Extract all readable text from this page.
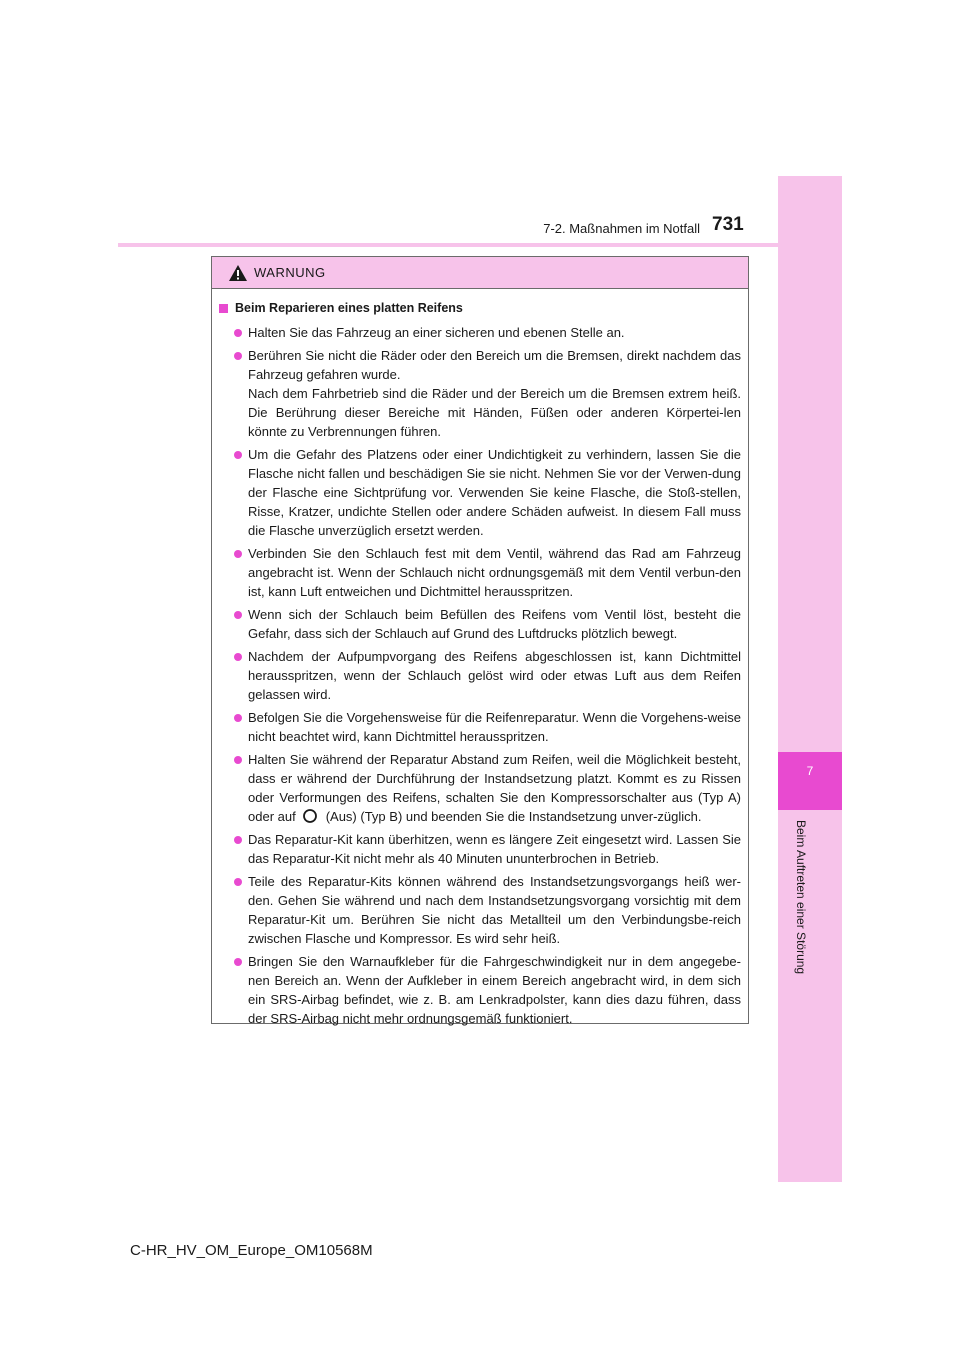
7
Beim Auftreten einer Störung
7-2. Maßnahmen im Notfall 731
WARNUNG
Beim Reparieren eines platten Reifens

Halten Sie das Fahrzeug an einer sicheren und ebenen Stelle an.

Berühren Sie nicht die Räder oder den Bereich um die Bremsen, direkt nachdem das Fahrzeug gefahren wurde.

Nach dem Fahrbetrieb sind die Räder und der Bereich um die Bremsen extrem heiß. Die Berührung dieser Bereiche mit Händen, Füßen oder anderen Körpertei-len könnte zu Verbrennungen führen.

Um die Gefahr des Platzens oder einer Undichtigkeit zu verhindern, lassen Sie die Flasche nicht fallen und beschädigen Sie sie nicht. Nehmen Sie vor der Verwen-dung der Flasche eine Sichtprüfung vor. Verwenden Sie keine Flasche, die Stoß-stellen, Risse, Kratzer, undichte Stellen oder andere Schäden aufweist. In diesem Fall muss die Flasche unverzüglich ersetzt werden.

Verbinden Sie den Schlauch fest mit dem Ventil, während das Rad am Fahrzeug angebracht ist. Wenn der Schlauch nicht ordnungsgemäß mit dem Ventil verbun-den ist, kann Luft entweichen und Dichtmittel herausspritzen.

Wenn sich der Schlauch beim Befüllen des Reifens vom Ventil löst, besteht die Gefahr, dass sich der Schlauch auf Grund des Luftdrucks plötzlich bewegt.

Nachdem der Aufpumpvorgang des Reifens abgeschlossen ist, kann Dichtmittel herausspritzen, wenn der Schlauch gelöst wird oder etwas Luft aus dem Reifen gelassen wird.

Befolgen Sie die Vorgehensweise für die Reifenreparatur. Wenn die Vorgehens-weise nicht beachtet wird, kann Dichtmittel herausspritzen.

Halten Sie während der Reparatur Abstand zum Reifen, weil die Möglichkeit besteht, dass er während der Durchführung der Instandsetzung platzt. Kommt es zu Rissen oder Verformungen des Reifens, schalten Sie den Kompressorschalter aus (Typ A) oder auf (Aus) (Typ B) und beenden Sie die Instandsetzung unver-züglich.

Das Reparatur-Kit kann überhitzen, wenn es längere Zeit eingesetzt wird. Lassen Sie das Reparatur-Kit nicht mehr als 40 Minuten ununterbrochen in Betrieb.

Teile des Reparatur-Kits können während des Instandsetzungsvorgangs heiß wer-den. Gehen Sie während und nach dem Instandsetzungsvorgang vorsichtig mit dem Reparatur-Kit um. Berühren Sie nicht das Metallteil um den Verbindungsbe-reich zwischen Flasche und Kompressor. Es wird sehr heiß.

Bringen Sie den Warnaufkleber für die Fahrgeschwindigkeit nur in dem angegebe-nen Bereich an. Wenn der Aufkleber in einem Bereich angebracht wird, in dem sich ein SRS-Airbag befindet, wie z. B. am Lenkradpolster, kann dies dazu führen, dass der SRS-Airbag nicht mehr ordnungsgemäß funktioniert.

C-HR_HV_OM_Europe_OM10568M
